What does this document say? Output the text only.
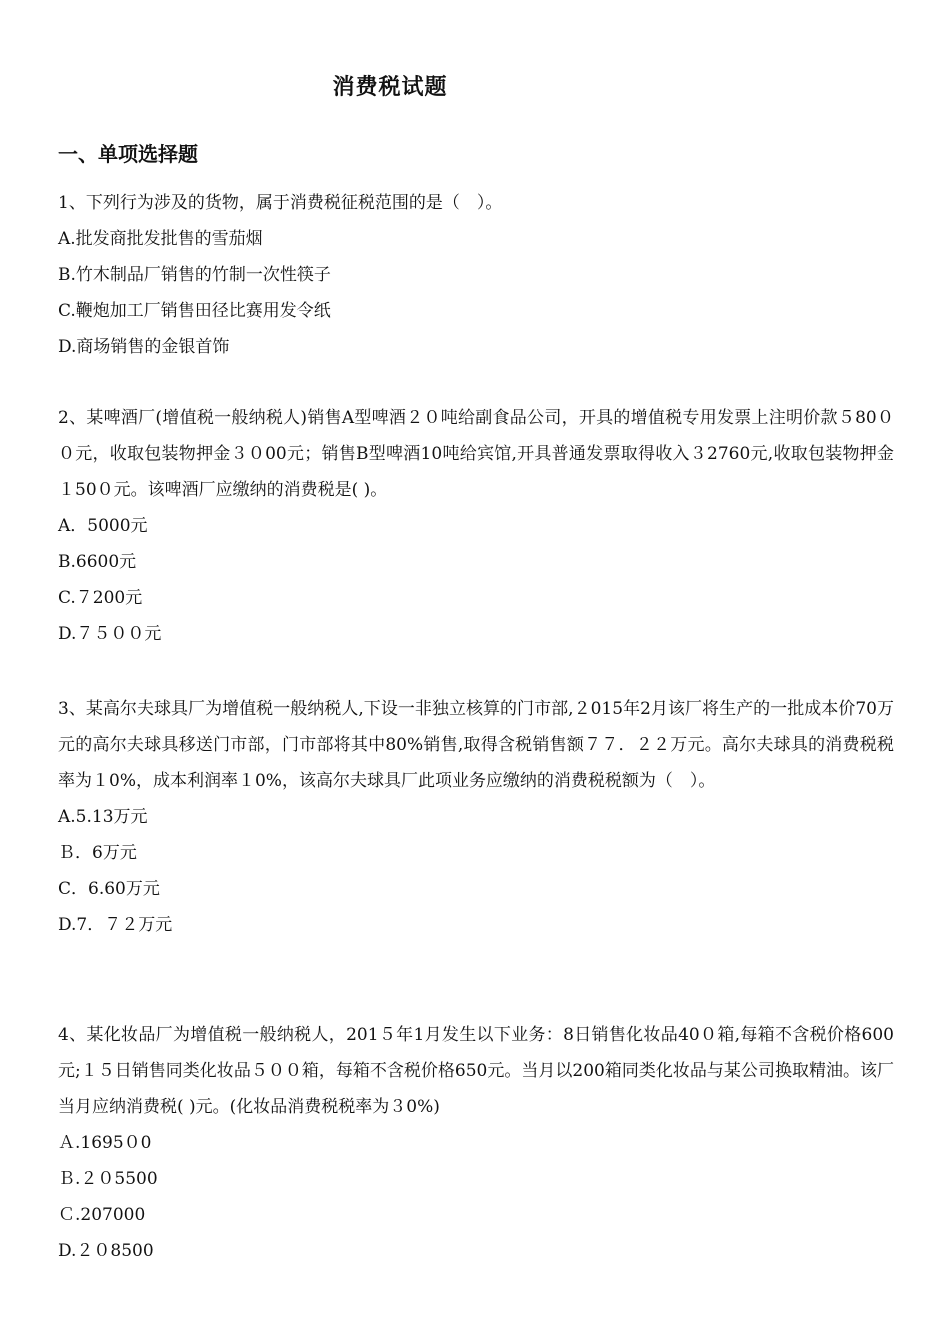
消费税试题
一、单项选择题
1、下列行为涉及的货物，属于消费税征税范围的是（　）。
A.批发商批发批售的雪茄烟
B.竹木制品厂销售的竹制一次性筷子
C.鞭炮加工厂销售田径比赛用发令纸
D.商场销售的金银首饰
2、某啤酒厂(增值税一般纳税人)销售A型啤酒２０吨给副食品公司，开具的增值税专用发票上注明价款５80００元，收取包装物押金３０00元；销售B型啤酒10吨给宾馆,开具普通发票取得收入３2760元,收取包装物押金１50０元。该啤酒厂应缴纳的消费税是( )。
A．5000元
B.6600元
C.７200元
D.７５００元
3、某高尔夫球具厂为增值税一般纳税人,下设一非独立核算的门市部,２015年2月该厂将生产的一批成本价70万元的高尔夫球具移送门市部，门市部将其中80%销售,取得含税销售额７７．２２万元。高尔夫球具的消费税税率为１0%，成本利润率１0%，该高尔夫球具厂此项业务应缴纳的消费税税额为（　）。
A.5.13万元
Ｂ．6万元
C．6.60万元
D.7．７２万元
4、某化妆品厂为增值税一般纳税人，201５年1月发生以下业务：8日销售化妆品40０箱,每箱不含税价格600元;１５日销售同类化妆品５００箱，每箱不含税价格650元。当月以200箱同类化妆品与某公司换取精油。该厂当月应纳消费税( )元。(化妆品消费税税率为３0%)
Ａ.1695０0
Ｂ.２０5500
Ｃ.207000
D.２０8500
